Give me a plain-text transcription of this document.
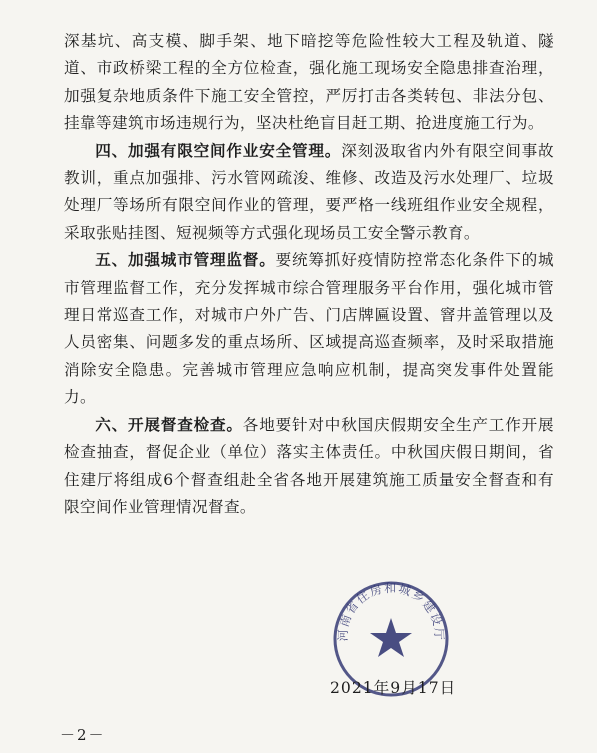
深基坑、高支模、脚手架、地下暗挖等危险性较大工程及轨道、隧道、市政桥梁工程的全方位检查，强化施工现场安全隐患排查治理，加强复杂地质条件下施工安全管控，严厉打击各类转包、非法分包、挂靠等建筑市场违规行为，坚决杜绝盲目赶工期、抢进度施工行为。

四、加强有限空间作业安全管理。深刻汲取省内外有限空间事故教训，重点加强排、污水管网疏浚、维修、改造及污水处理厂、垃圾处理厂等场所有限空间作业的管理，要严格一线班组作业安全规程，采取张贴挂图、短视频等方式强化现场员工安全警示教育。

五、加强城市管理监督。要统筹抓好疫情防控常态化条件下的城市管理监督工作，充分发挥城市综合管理服务平台作用，强化城市管理日常巡查工作，对城市户外广告、门店牌匾设置、窨井盖管理以及人员密集、问题多发的重点场所、区域提高巡查频率，及时采取措施消除安全隐患。完善城市管理应急响应机制，提高突发事件处置能力。

六、开展督查检查。各地要针对中秋国庆假期安全生产工作开展检查抽查，督促企业（单位）落实主体责任。中秋国庆假日期间，省住建厅将组成6个督查组赴全省各地开展建筑施工质量安全督查和有限空间作业管理情况督查。

河南省住房和城乡建设厅
2021年9月17日
－2－
